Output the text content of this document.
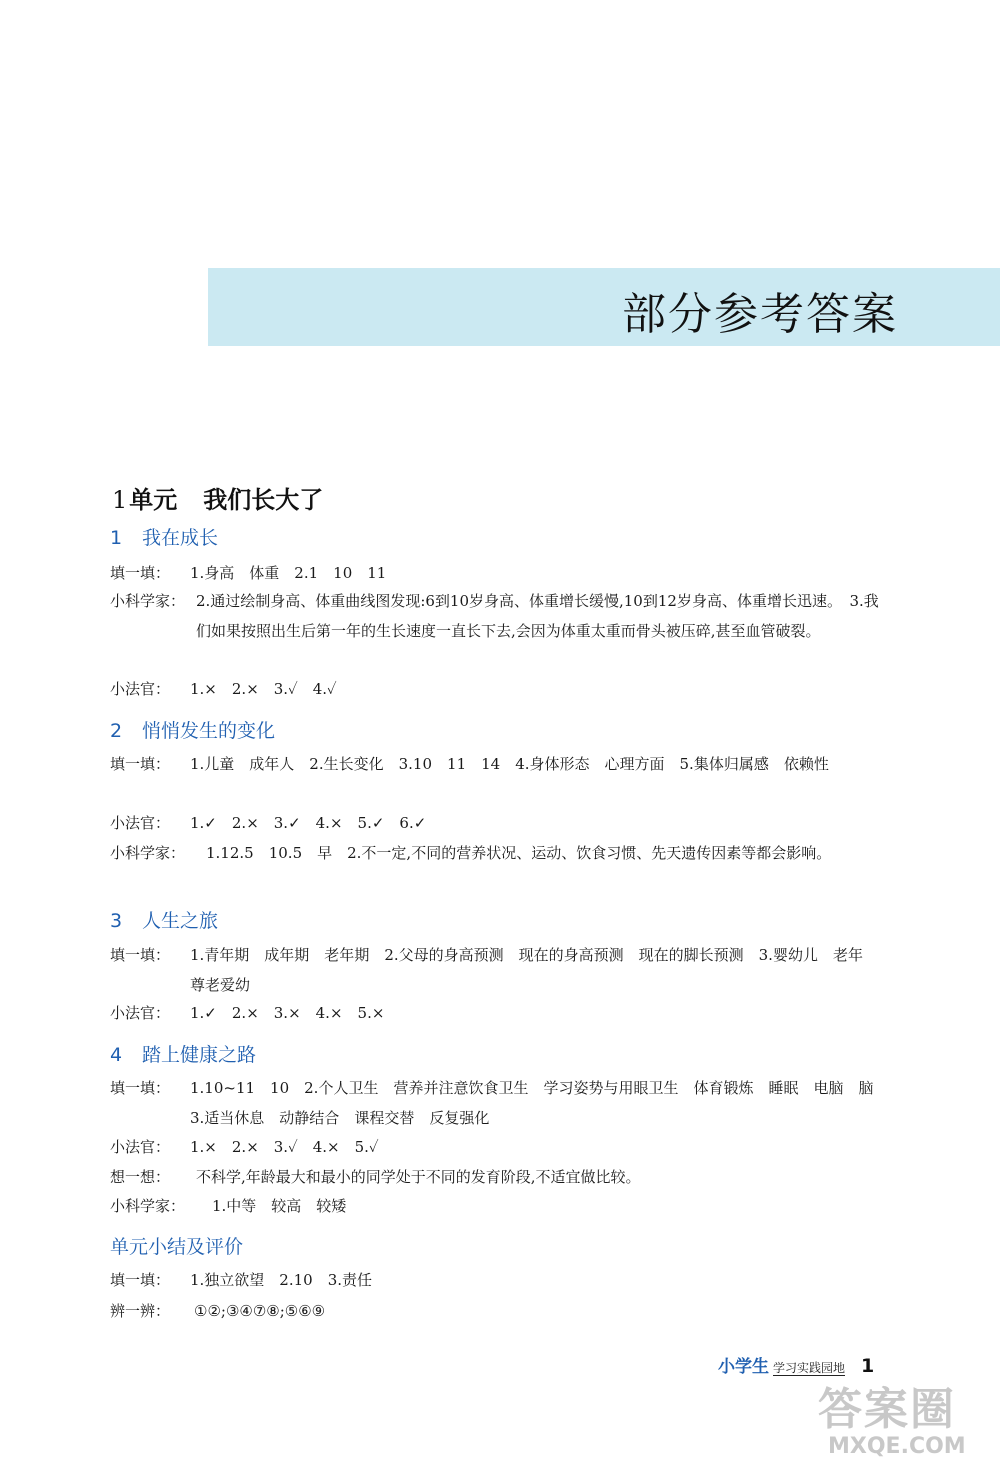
部分参考答案
1单元 我们长大了
1 我在成长
填一填： 1.身高　体重　2.1　10　11
小科学家： 2.通过绘制身高、体重曲线图发现:6到10岁身高、体重增长缓慢,10到12岁身高、体重增长迅速。　3.我们如果按照出生后第一年的生长速度一直长下去,会因为体重太重而骨头被压碎,甚至血管破裂。
小法官： 1.×　2.×　3.✓　4.✓
2 悄悄发生的变化
填一填： 1.儿童　成年人　2.生长变化　3.10　11　14　4.身体形态　心理方面　5.集体归属感　依赖性
小法官： 1.✓　2.×　3.✓　4.×　5.✓　6.✓
小科学家： 1.12.5　10.5　早　2.不一定,不同的营养状况、运动、饮食习惯、先天遗传因素等都会影响。
3 人生之旅
填一填： 1.青年期　成年期　老年期　2.父母的身高预测　现在的身高预测　现在的脚长预测　3.婴幼儿　老年　尊老爱幼
小法官： 1.✓　2.×　3.×　4.×　5.×
4 踏上健康之路
填一填： 1.10~11　10　2.个人卫生　营养并注意饮食卫生　学习姿势与用眼卫生　体育锻炼　睡眠　电脑　脑　3.适当休息　动静结合　课程交替　反复强化
小法官： 1.×　2.×　3.✓　4.×　5.✓
想一想： 不科学,年龄最大和最小的同学处于不同的发育阶段,不适宜做比较。
小科学家： 1.中等　较高　较矮
单元小结及评价
填一填： 1.独立欲望　2.10　3.责任
辨一辨： ①②;③④⑦⑧;⑤⑥⑨
小学生 学习实践园地 1
答案圈
MXQE.COM
